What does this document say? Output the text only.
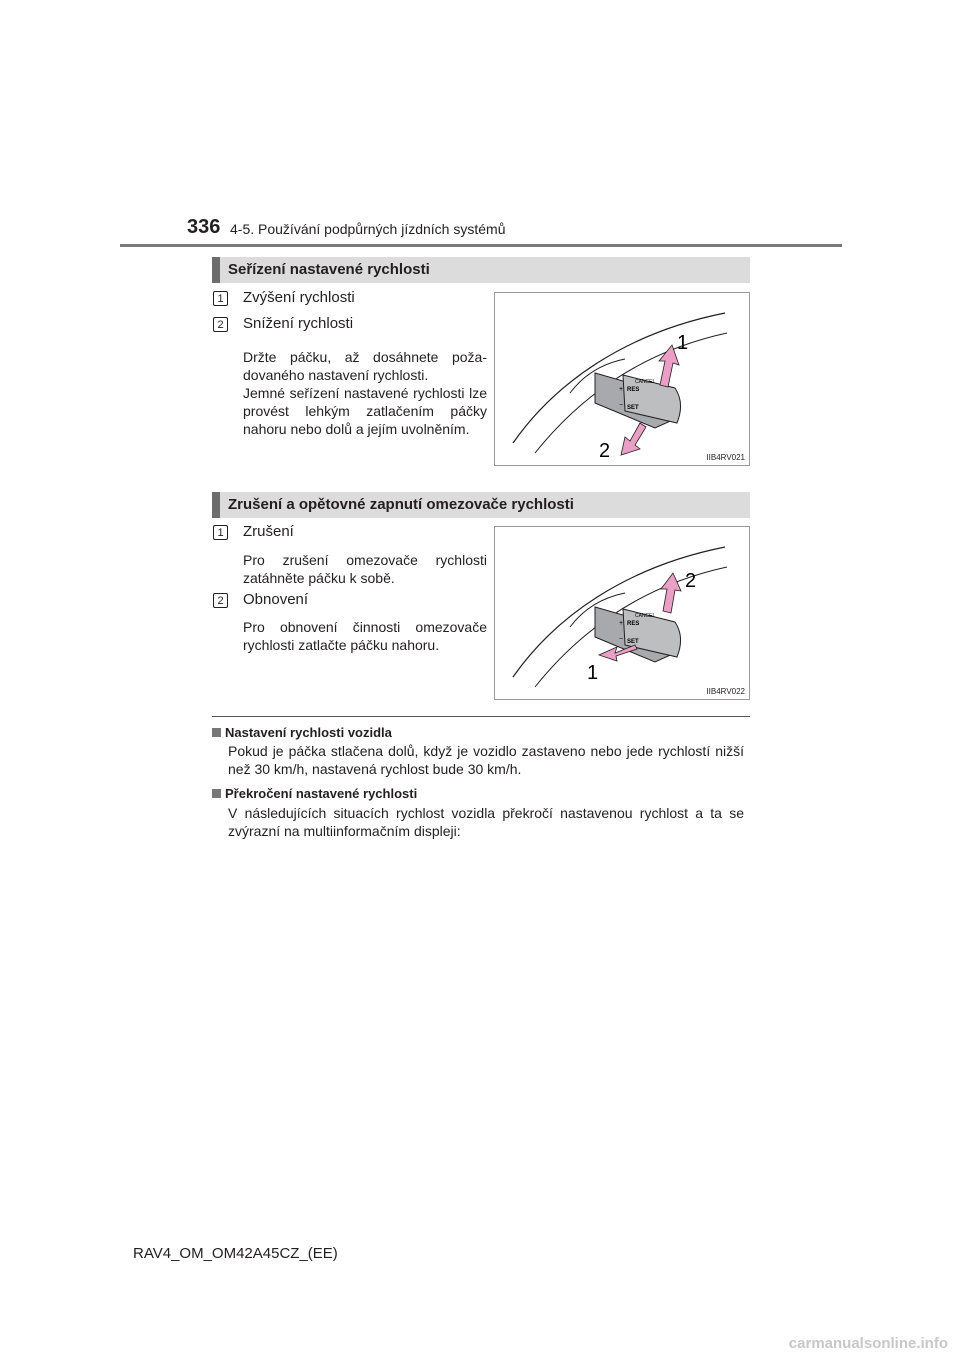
336 4-5. Používání podpůrných jízdních systémů
Seřízení nastavené rychlosti
1 Zvýšení rychlosti
2 Snížení rychlosti
Držte páčku, až dosáhnete požadovaného nastavení rychlosti.
Jemné seřízení nastavené rychlosti lze provést lehkým zatlačením páčky nahoru nebo dolů a jejím uvolněním.
CANCEL
RES
+
− SET
1
2	IIB4RV021
Zrušení a opětovné zapnutí omezovače rychlosti
1 Zrušení
Pro zrušení omezovače rychlosti zatáhněte páčku k sobě.
2 Obnovení
Pro obnovení činnosti omezovače rychlosti zatlačte páčku nahoru.
CANCEL
RES
+
− SET
2
1
IIB4RV022
Nastavení rychlosti vozidla
Pokud je páčka stlačena dolů, když je vozidlo zastaveno nebo jede rychlostí nižší než 30 km/h, nastavená rychlost bude 30 km/h.
Překročení nastavené rychlosti
V následujících situacích rychlost vozidla překročí nastavenou rychlost a ta se zvýrazní na multiinformačním displeji:
RAV4_OM_OM42A45CZ_(EE)
carmanualsonline.info
